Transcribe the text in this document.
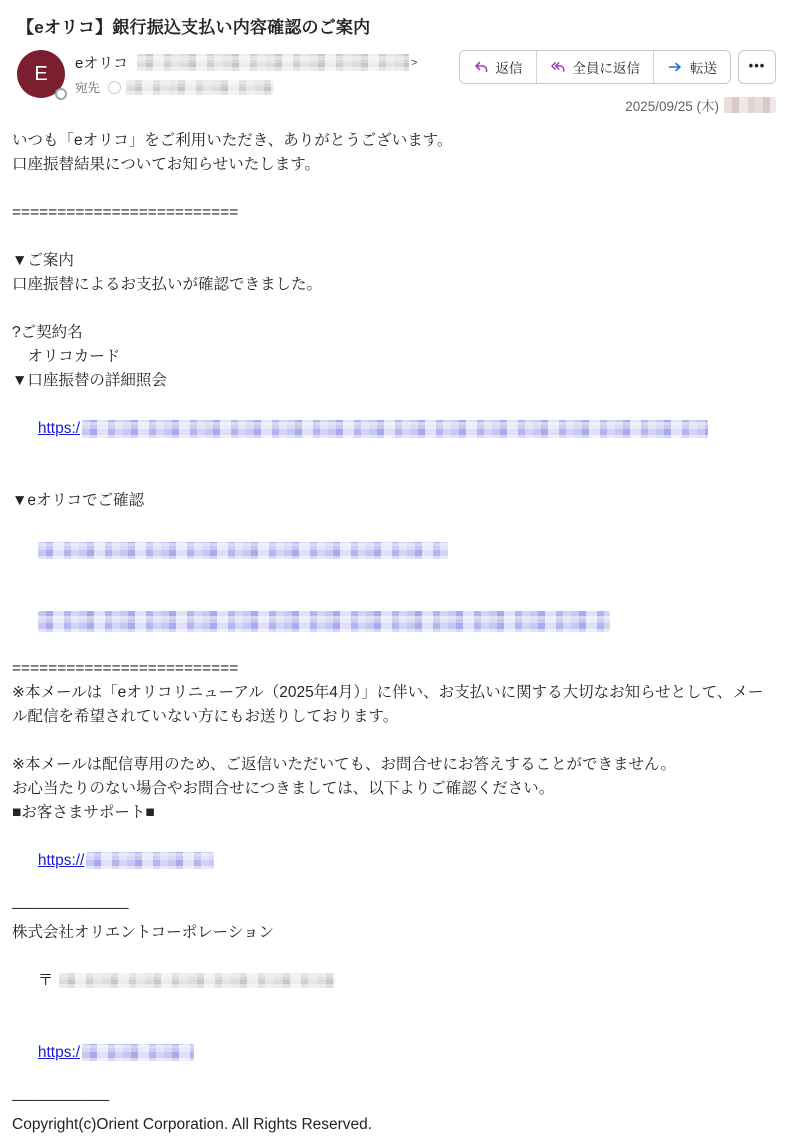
【eオリコ】銀行振込支払い内容確認のご案内
E eオリコ	>
宛先
返信	全員に返信	転送 •••
2025/09/25 (木)
いつも「eオリコ」をご利用いただき、ありがとうございます。
口座振替結果についてお知らせいたします。
=========================
▼ご案内
口座振替によるお支払いが確認できました。
?ご契約名
　オリコカード
▼口座振替の詳細照会

https:/

▼eオリコでご確認

=========================
※本メールは「eオリコリニューアル（2025年4月）」に伴い、お支払いに関する大切なお知らせとして、メール配信を希望されていない方にもお送りしております。
※本メールは配信専用のため、ご返信いただいても、お問合せにお答えすることができません。
お心当たりのない場合やお問合せにつきましては、以下よりご確認ください。
■お客さまサポート■

https://

────────────
株式会社オリエントコーポレーション

〒

https:/

──────────
Copyright(c)Orient Corporation. All Rights Reserved.
